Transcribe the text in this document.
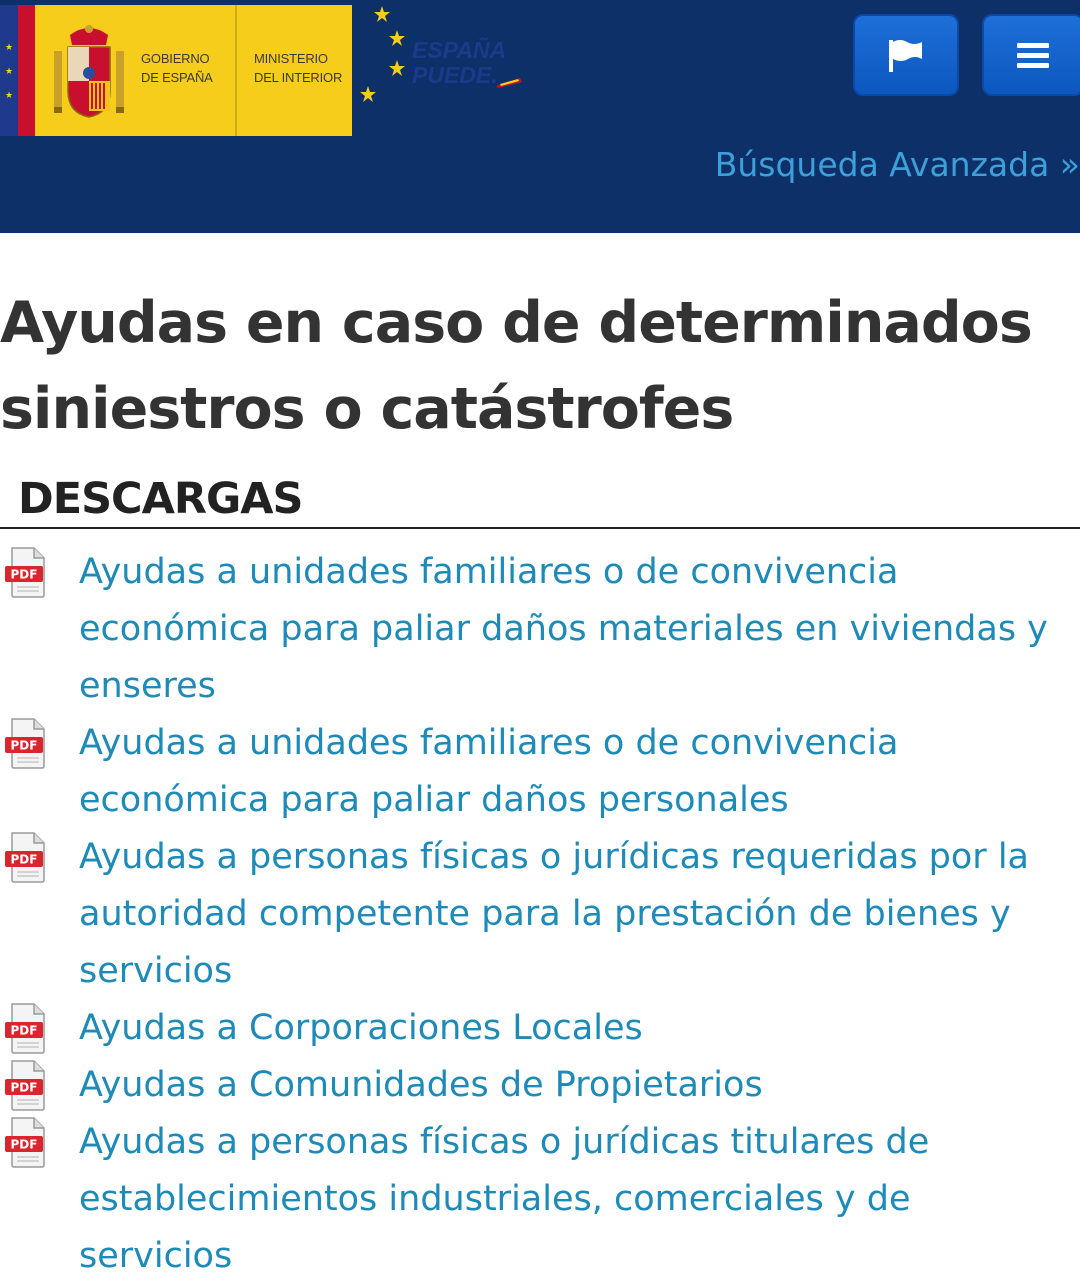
★
★
★
GOBIERNO
DE ESPAÑA
MINISTERIO
DEL INTERIOR
ESPAÑA
PUEDE.
Búsqueda Avanzada »
Ayudas en caso de determinados siniestros o catástrofes
DESCARGAS
Ayudas a unidades familiares o de convivencia económica para paliar daños materiales en viviendas y enseres
Ayudas a unidades familiares o de convivencia económica para paliar daños personales
Ayudas a personas físicas o jurídicas requeridas por la autoridad competente para la prestación de bienes y servicios
Ayudas a Corporaciones Locales
Ayudas a Comunidades de Propietarios
Ayudas a personas físicas o jurídicas titulares de establecimientos industriales, comerciales y de servicios
